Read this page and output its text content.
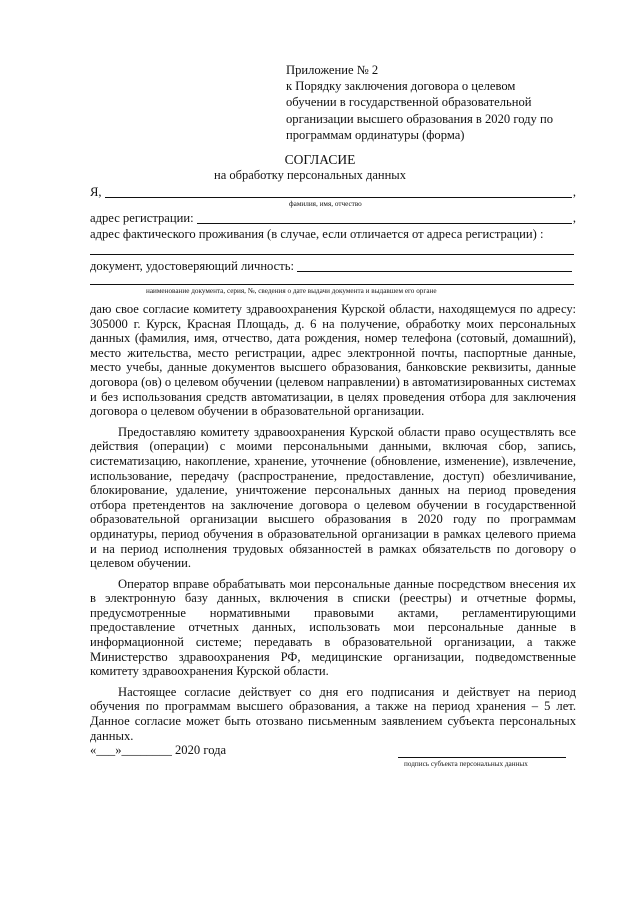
Приложение № 2
к Порядку заключения договора о целевом
обучении в государственной образовательной
организации высшего образования в 2020 году по
программам ординатуры (форма)
СОГЛАСИЕ
на обработку персональных данных
Я,	,
фамилия, имя, отчество
адрес регистрации:	,
адрес фактического проживания (в случае, если отличается от адреса регистрации) :
документ, удостоверяющий личность:
наименование документа, серия, №, сведения о дате выдачи документа и выдавшем его органе

даю свое согласие комитету здравоохранения Курской области, находящемуся по адресу: 305000 г. Курск, Красная Площадь, д. 6 на получение, обработку моих персональных данных (фамилия, имя, отчество, дата рождения, номер телефона (сотовый, домашний), место жительства, место регистрации, адрес электронной почты, паспортные данные, место учебы, данные документов высшего образования, банковские реквизиты, данные договора (ов) о целевом обучении (целевом направлении) в автоматизированных системах и без использования средств автоматизации, в целях проведения отбора для заключения договора о целевом обучении в образовательной организации.

Предоставляю комитету здравоохранения Курской области право осуществлять все действия (операции) с моими персональными данными, включая сбор, запись, систематизацию, накопление, хранение, уточнение (обновление, изменение), извлечение, использование, передачу (распространение, предоставление, доступ) обезличивание, блокирование, удаление, уничтожение персональных данных на период проведения отбора претендентов на заключение договора о целевом обучении в государственной образовательной организации высшего образования в 2020 году по программам ординатуры, период обучения в образовательной организации в рамках целевого приема и на период исполнения трудовых обязанностей в рамках обязательств по договору о целевом обучении.

Оператор вправе обрабатывать мои персональные данные посредством внесения их в электронную базу данных, включения в списки (реестры) и отчетные формы, предусмотренные нормативными правовыми актами, регламентирующими предоставление отчетных данных, использовать мои персональные данные в информационной системе; передавать в образовательной организации, а также Министерство здравоохранения РФ, медицинские организации, подведомственные комитету здравоохранения Курской области.

Настоящее согласие действует со дня его подписания и действует на период обучения по программам высшего образования, а также на период хранения – 5 лет. Данное согласие может быть отозвано письменным заявлением субъекта персональных данных.

«___»________ 2020 года
подпись субъекта персональных данных
